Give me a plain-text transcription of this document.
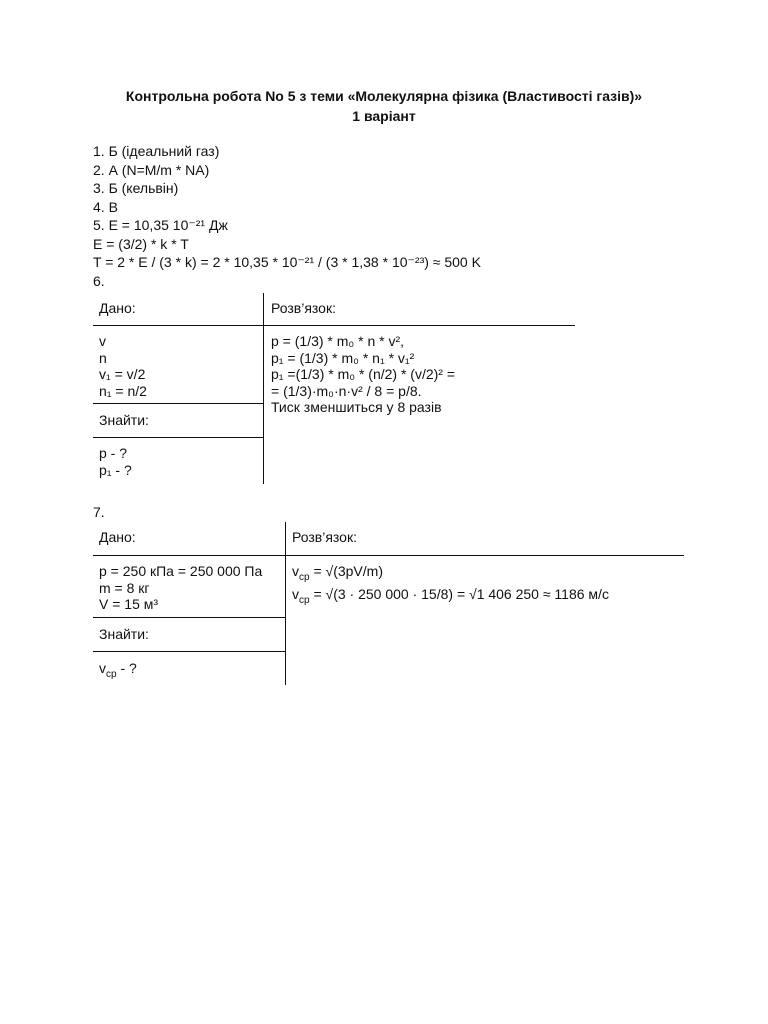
Контрольна робота No 5 з теми «Молекулярна фізика (Властивості газів)»
1 варіант
1. Б (ідеальний газ)
2. А (N=M/m * NA)
3. Б (кельвін)
4. В
5. E = 10,35 10⁻²¹ Дж
E = (3/2) * k * T
T = 2 * E / (3 * k) = 2 * 10,35 * 10⁻²¹ / (3 * 1,38 * 10⁻²³) ≈ 500 K
6.
Дано:	Розв’язок:
v
n
v₁ = v/2
n₁ = n/2
Знайти:
p - ?
p₁ - ?
p = (1/3) * m₀ * n * v²,
p₁ = (1/3) * m₀ * n₁ * v₁²
p₁ =(1/3) * m₀ * (n/2) * (v/2)² =
= (1/3)·m₀·n·v² / 8 = p/8.
Тиск зменшиться у 8 разів
7.
Дано:	Розв’язок:
p = 250 кПа = 250 000 Па
m = 8 кг
V = 15 м³
Знайти:
$v_{ср}$ - ?
$v_{ср} = √(3pV/m)$
$v_{ср} = √(3 \cdot 250$ 000 · 15/8) = √1 406 250 ≈ 1186 м/с
